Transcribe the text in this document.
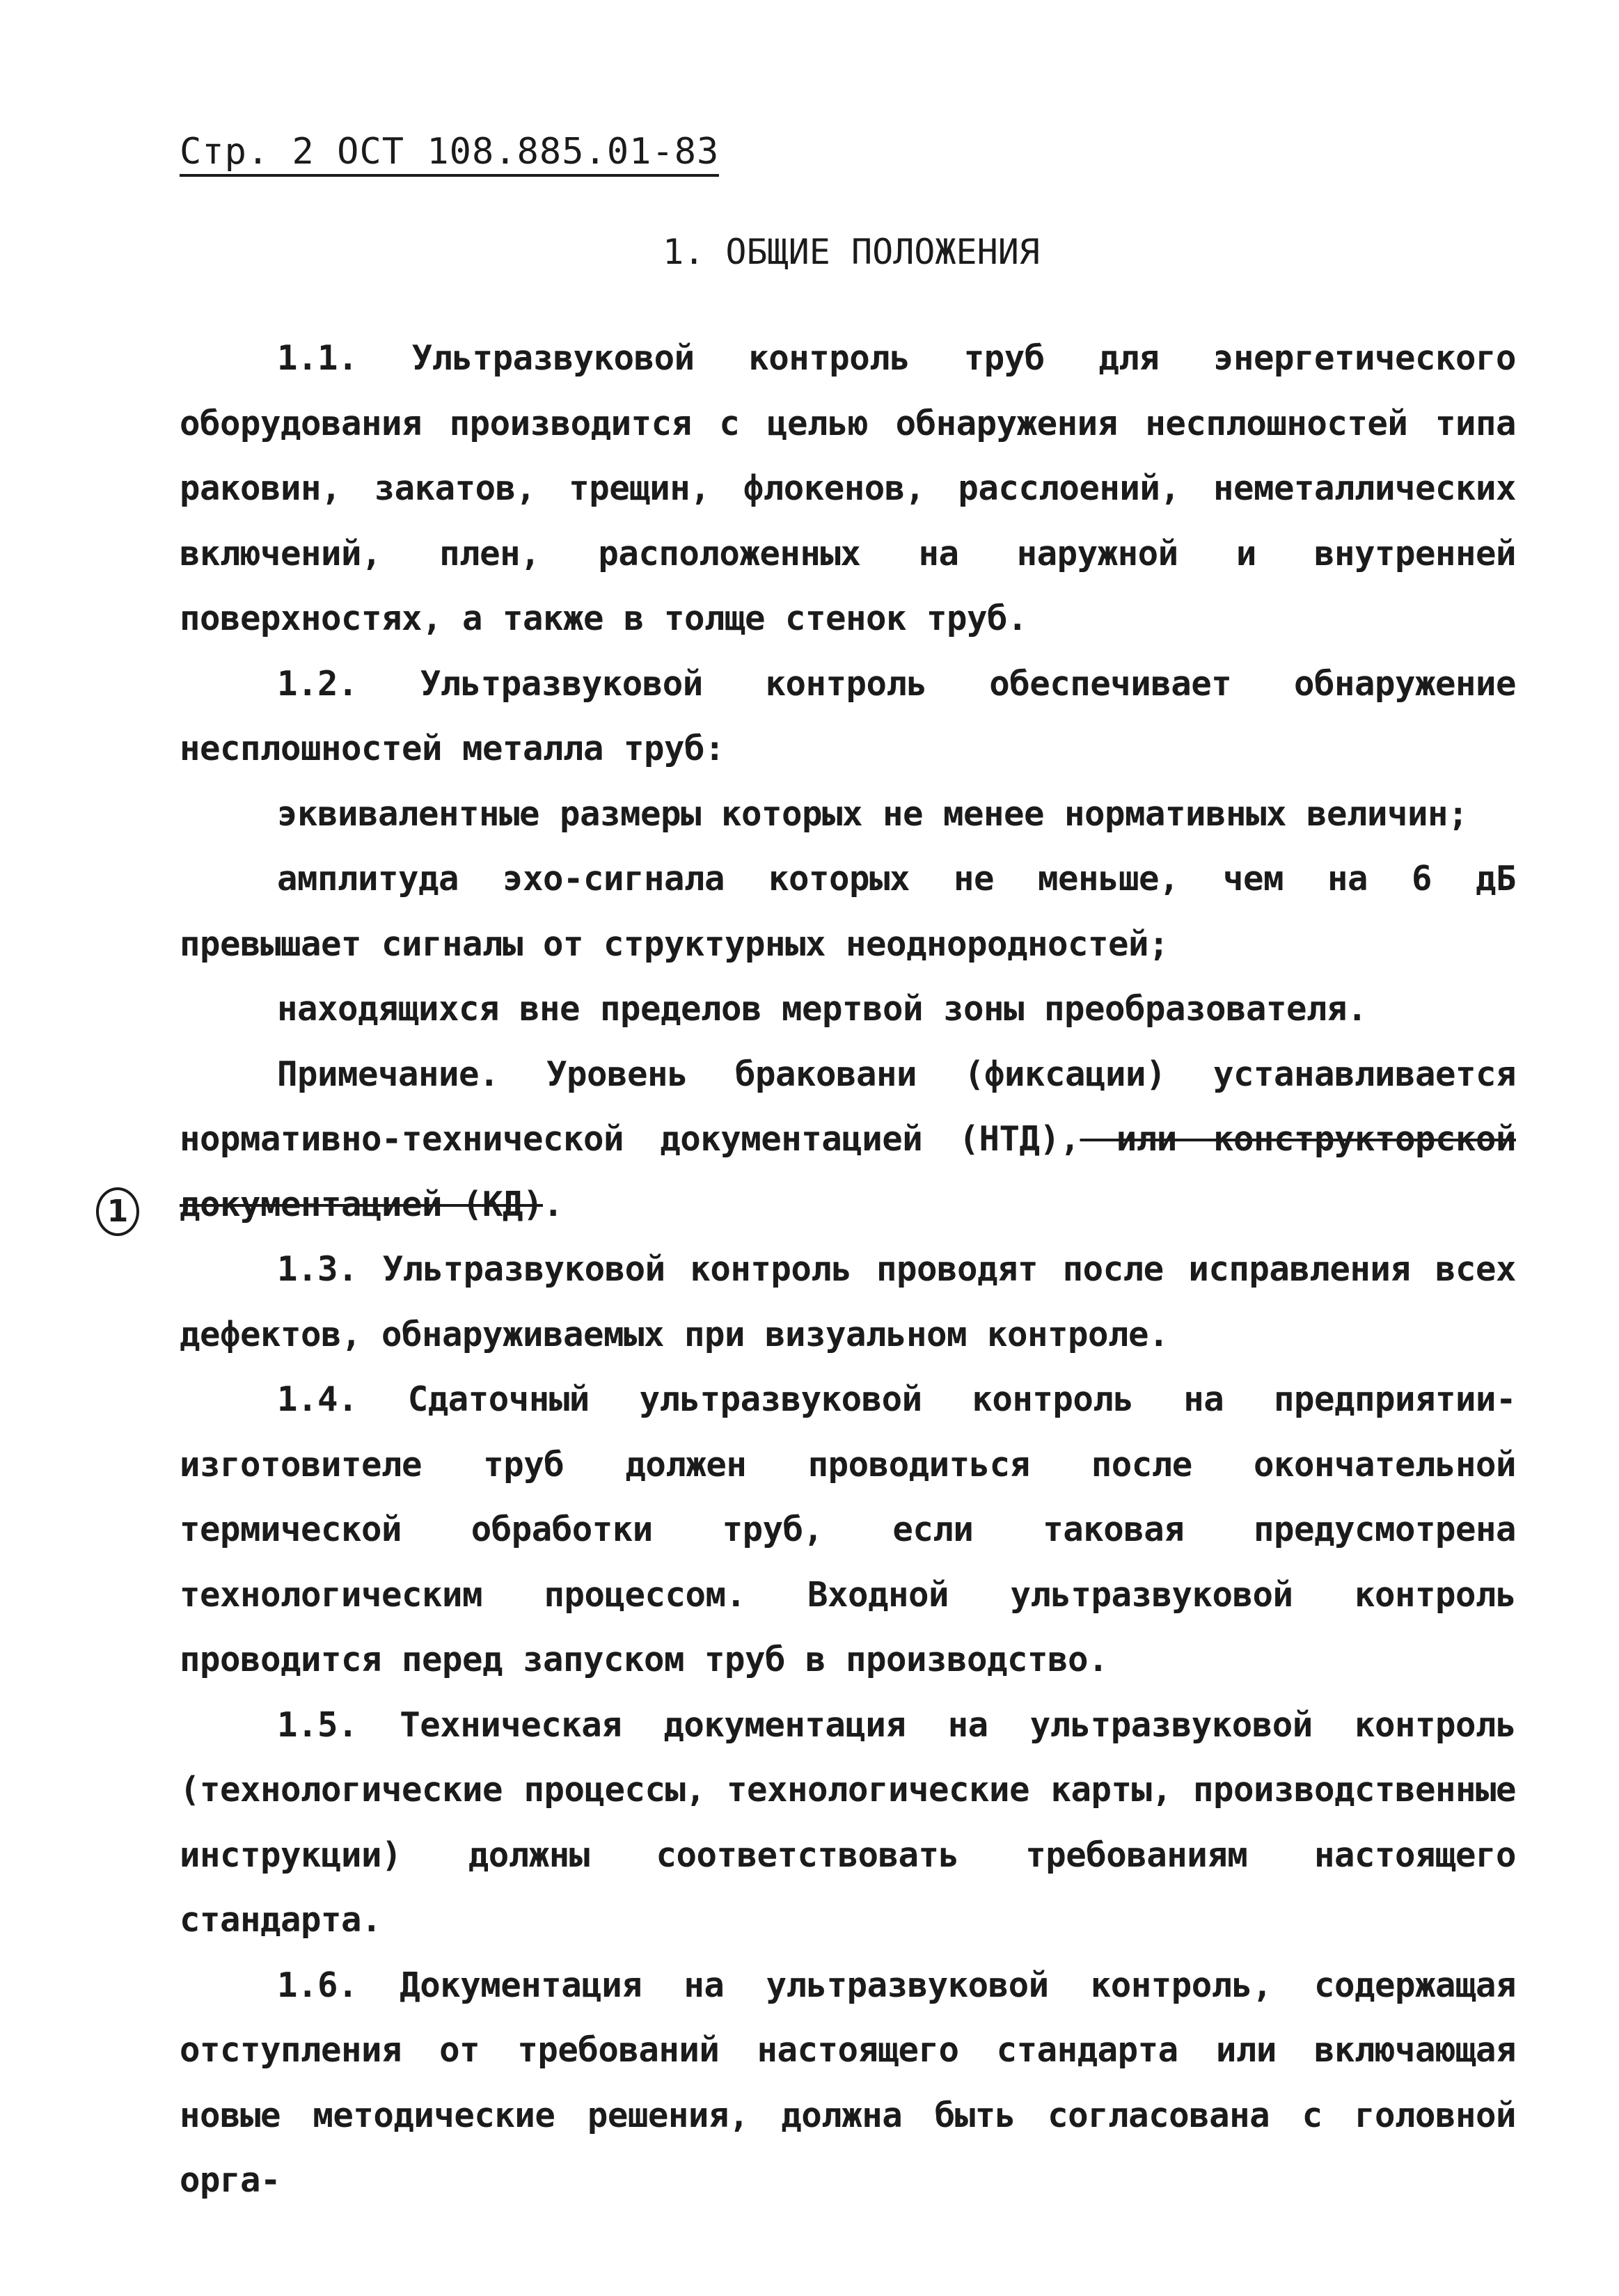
Стр. 2 ОСТ 108.885.01-83
1. ОБЩИЕ ПОЛОЖЕНИЯ
1

1.1. Ультразвуковой контроль труб для энергетического оборудования производится с целью обнаружения несплошностей типа раковин, закатов, трещин, флокенов, расслоений, неметаллических включений, плен, расположенных на наружной и внутренней поверхностях, а также в толще стенок труб.

1.2. Ультразвуковой контроль обеспечивает обнаружение несплошностей металла труб:

эквивалентные размеры которых не менее нормативных величин;

амплитуда эхо-сигнала которых не меньше, чем на 6 дБ превышает сигналы от структурных неоднородностей;

находящихся вне пределов мертвой зоны преобразователя.

Примечание. Уровень браковани (фиксации) устанавливается нормативно-технической документацией (НТД), или конструкторской документацией (КД).

1.3. Ультразвуковой контроль проводят после исправления всех дефектов, обнаруживаемых при визуальном контроле.

1.4. Сдаточный ультразвуковой контроль на предприятии-изготовителе труб должен проводиться после окончательной термической обработки труб, если таковая предусмотрена технологическим процессом. Входной ультразвуковой контроль проводится перед запуском труб в производство.

1.5. Техническая документация на ультразвуковой контроль (технологические процессы, технологические карты, производственные инструкции) должны соответствовать требованиям настоящего стандарта.

1.6. Документация на ультразвуковой контроль, содержащая отступления от требований настоящего стандарта или включающая новые методические решения, должна быть согласована с головной орга-
